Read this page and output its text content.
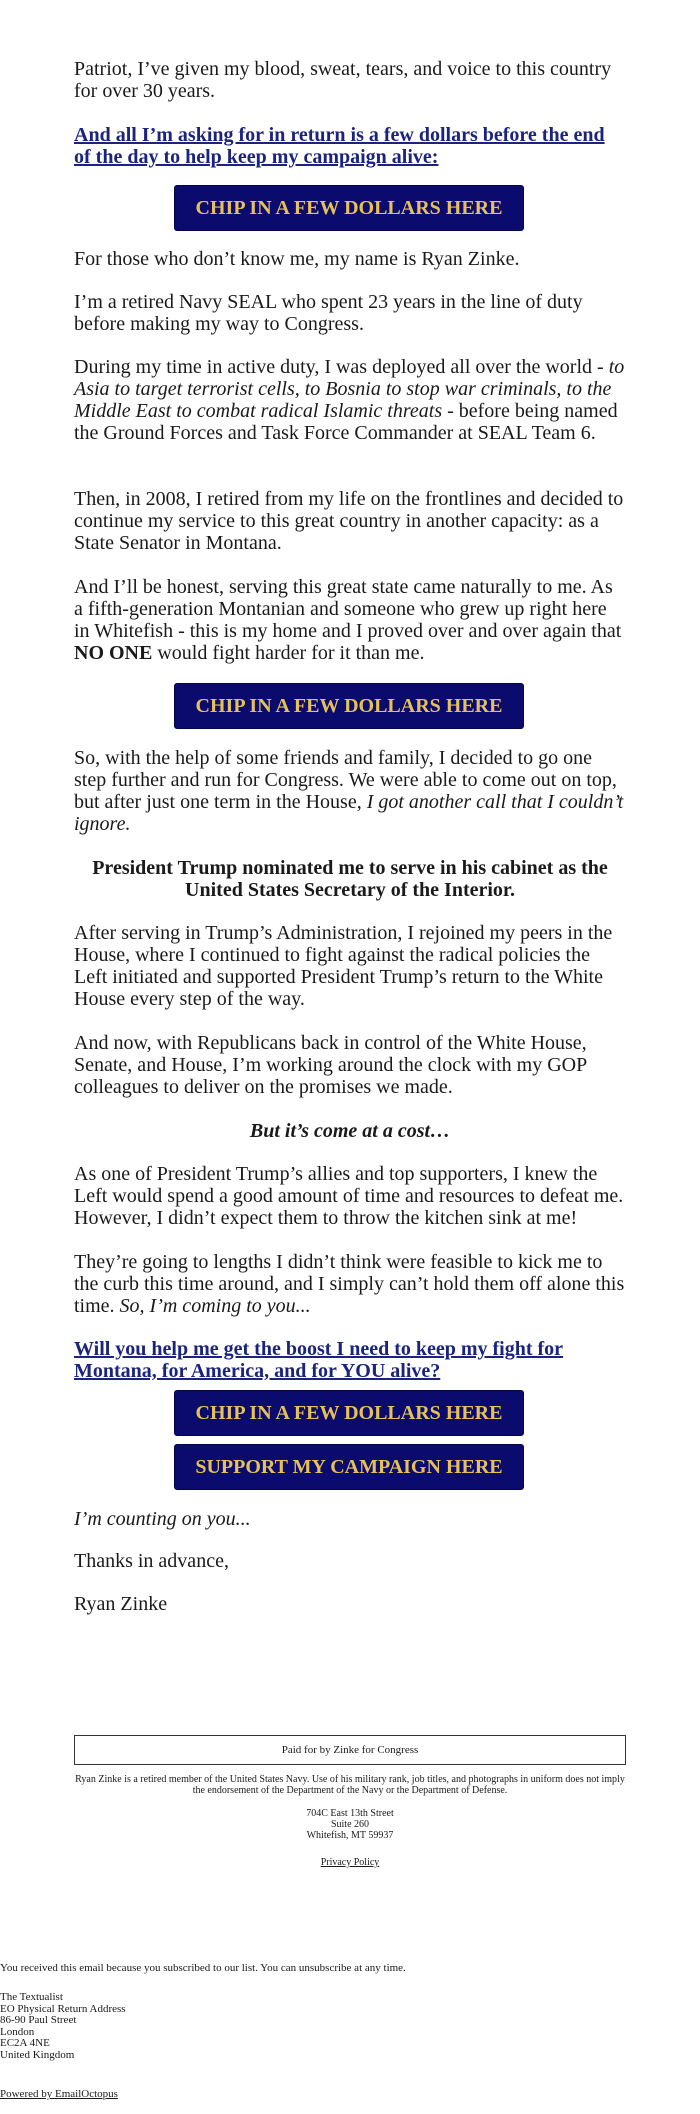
Patriot, I’ve given my blood, sweat, tears, and voice to this country for over 30 years.

And all I’m asking for in return is a few dollars before the end of the day to help keep my campaign alive:

CHIP IN A FEW DOLLARS HERE

For those who don’t know me, my name is Ryan Zinke.

I’m a retired Navy SEAL who spent 23 years in the line of duty before making my way to Congress.

During my time in active duty, I was deployed all over the world - to Asia to target terrorist cells, to Bosnia to stop war criminals, to the Middle East to combat radical Islamic threats - before being named the Ground Forces and Task Force Commander at SEAL Team 6.

Then, in 2008, I retired from my life on the frontlines and decided to continue my service to this great country in another capacity: as a State Senator in Montana.

And I’ll be honest, serving this great state came naturally to me. As a fifth-generation Montanian and someone who grew up right here in Whitefish - this is my home and I proved over and over again that NO ONE would fight harder for it than me.

CHIP IN A FEW DOLLARS HERE

So, with the help of some friends and family, I decided to go one step further and run for Congress. We were able to come out on top, but after just one term in the House, I got another call that I couldn’t ignore.

President Trump nominated me to serve in his cabinet as the United States Secretary of the Interior.

After serving in Trump’s Administration, I rejoined my peers in the House, where I continued to fight against the radical policies the Left initiated and supported President Trump’s return to the White House every step of the way.

And now, with Republicans back in control of the White House, Senate, and House, I’m working around the clock with my GOP colleagues to deliver on the promises we made.

But it’s come at a cost…

As one of President Trump’s allies and top supporters, I knew the Left would spend a good amount of time and resources to defeat me. However, I didn’t expect them to throw the kitchen sink at me!

They’re going to lengths I didn’t think were feasible to kick me to the curb this time around, and I simply can’t hold them off alone this time. So, I’m coming to you...

Will you help me get the boost I need to keep my fight for Montana, for America, and for YOU alive?

CHIP IN A FEW DOLLARS HERE
SUPPORT MY CAMPAIGN HERE

I’m counting on you...

Thanks in advance,

Ryan Zinke

Paid for by Zinke for Congress
Ryan Zinke is a retired member of the United States Navy. Use of his military rank, job titles, and photographs in uniform does not imply the endorsement of the Department of the Navy or the Department of Defense.
704C East 13th Street
Suite 260
Whitefish, MT 59937
Privacy Policy
You received this email because you subscribed to our list. You can unsubscribe at any time.
The Textualist
EO Physical Return Address
86-90 Paul Street
London
EC2A 4NE
United Kingdom
Powered by EmailOctopus
